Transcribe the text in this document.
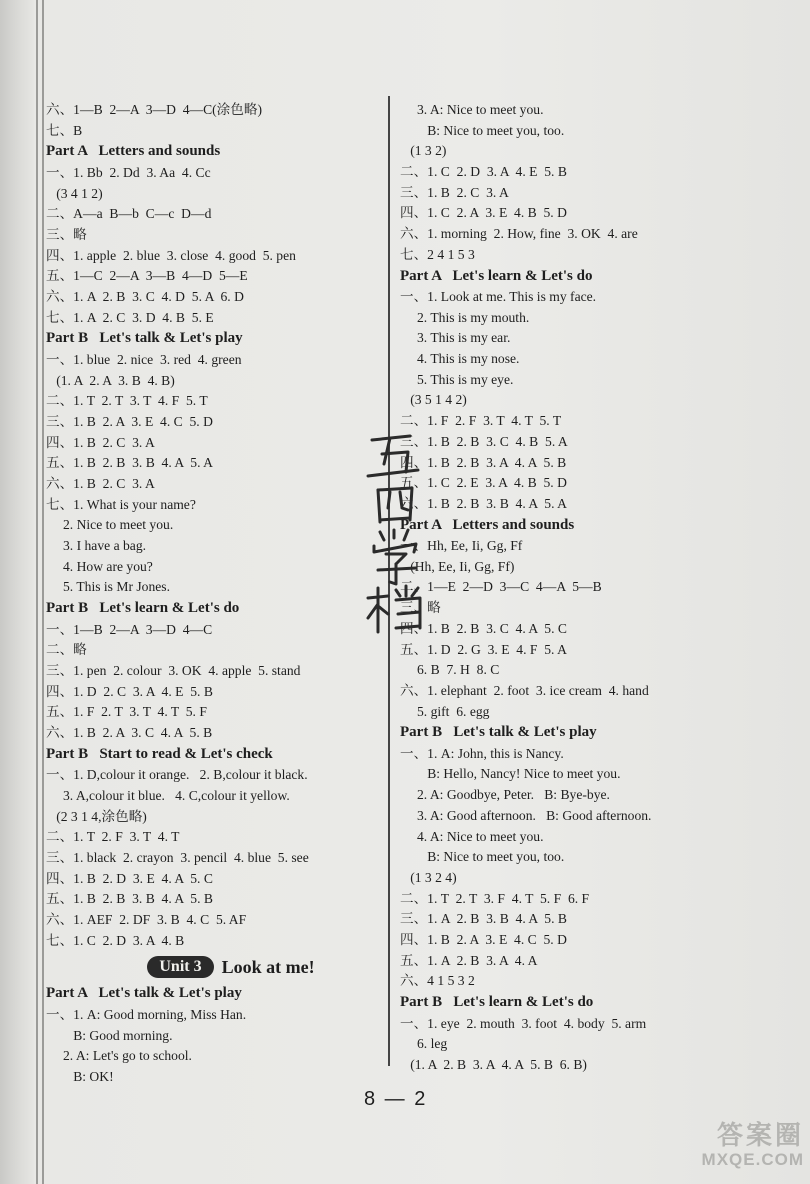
六、1—B  2—A  3—D  4—C(涂色略)
七、B
Part A   Letters and sounds
一、1. Bb  2. Dd  3. Aa  4. Cc
(3 4 1 2)
二、A—a  B—b  C—c  D—d
三、略
四、1. apple  2. blue  3. close  4. good  5. pen
五、1—C  2—A  3—B  4—D  5—E
六、1. A  2. B  3. C  4. D  5. A  6. D
七、1. A  2. C  3. D  4. B  5. E
Part B   Let's talk & Let's play
一、1. blue  2. nice  3. red  4. green
(1. A  2. A  3. B  4. B)
二、1. T  2. T  3. T  4. F  5. T
三、1. B  2. A  3. E  4. C  5. D
四、1. B  2. C  3. A
五、1. B  2. B  3. B  4. A  5. A
六、1. B  2. C  3. A
七、1. What is your name?
2. Nice to meet you.
3. I have a bag.
4. How are you?
5. This is Mr Jones.
Part B   Let's learn & Let's do
一、1—B  2—A  3—D  4—C
二、略
三、1. pen  2. colour  3. OK  4. apple  5. stand
四、1. D  2. C  3. A  4. E  5. B
五、1. F  2. T  3. T  4. T  5. F
六、1. B  2. A  3. C  4. A  5. B
Part B   Start to read & Let's check
一、1. D,colour it orange.   2. B,colour it black.
3. A,colour it blue.   4. C,colour it yellow.
(2 3 1 4,涂色略)
二、1. T  2. F  3. T  4. T
三、1. black  2. crayon  3. pencil  4. blue  5. see
四、1. B  2. D  3. E  4. A  5. C
五、1. B  2. B  3. B  4. A  5. B
六、1. AEF  2. DF  3. B  4. C  5. AF
七、1. C  2. D  3. A  4. B
Unit 3	Look at me!
Part A   Let's talk & Let's play
一、1. A: Good morning, Miss Han.
B: Good morning.
2. A: Let's go to school.
B: OK!
3. A: Nice to meet you.
B: Nice to meet you, too.
(1 3 2)
二、1. C  2. D  3. A  4. E  5. B
三、1. B  2. C  3. A
四、1. C  2. A  3. E  4. B  5. D
六、1. morning  2. How, fine  3. OK  4. are
七、2 4 1 5 3
Part A   Let's learn & Let's do
一、1. Look at me. This is my face.
2. This is my mouth.
3. This is my ear.
4. This is my nose.
5. This is my eye.
(3 5 1 4 2)
二、1. F  2. F  3. T  4. T  5. T
三、1. B  2. B  3. C  4. B  5. A
四、1. B  2. B  3. A  4. A  5. B
五、1. C  2. E  3. A  4. B  5. D
六、1. B  2. B  3. B  4. A  5. A
Part A   Letters and sounds
一、Hh, Ee, Ii, Gg, Ff
(Hh, Ee, Ii, Gg, Ff)
二、1—E  2—D  3—C  4—A  5—B
三、略
四、1. B  2. B  3. C  4. A  5. C
五、1. D  2. G  3. E  4. F  5. A
6. B  7. H  8. C
六、1. elephant  2. foot  3. ice cream  4. hand
5. gift  6. egg
Part B   Let's talk & Let's play
一、1. A: John, this is Nancy.
B: Hello, Nancy! Nice to meet you.
2. A: Goodbye, Peter.   B: Bye-bye.
3. A: Good afternoon.   B: Good afternoon.
4. A: Nice to meet you.
B: Nice to meet you, too.
(1 3 2 4)
二、1. T  2. T  3. F  4. T  5. F  6. F
三、1. A  2. B  3. B  4. A  5. B
四、1. B  2. A  3. E  4. C  5. D
五、1. A  2. B  3. A  4. A
六、4 1 5 3 2
Part B   Let's learn & Let's do
一、1. eye  2. mouth  3. foot  4. body  5. arm
6. leg
(1. A  2. B  3. A  4. A  5. B  6. B)
8 — 2
答案圈
MXQE.COM
